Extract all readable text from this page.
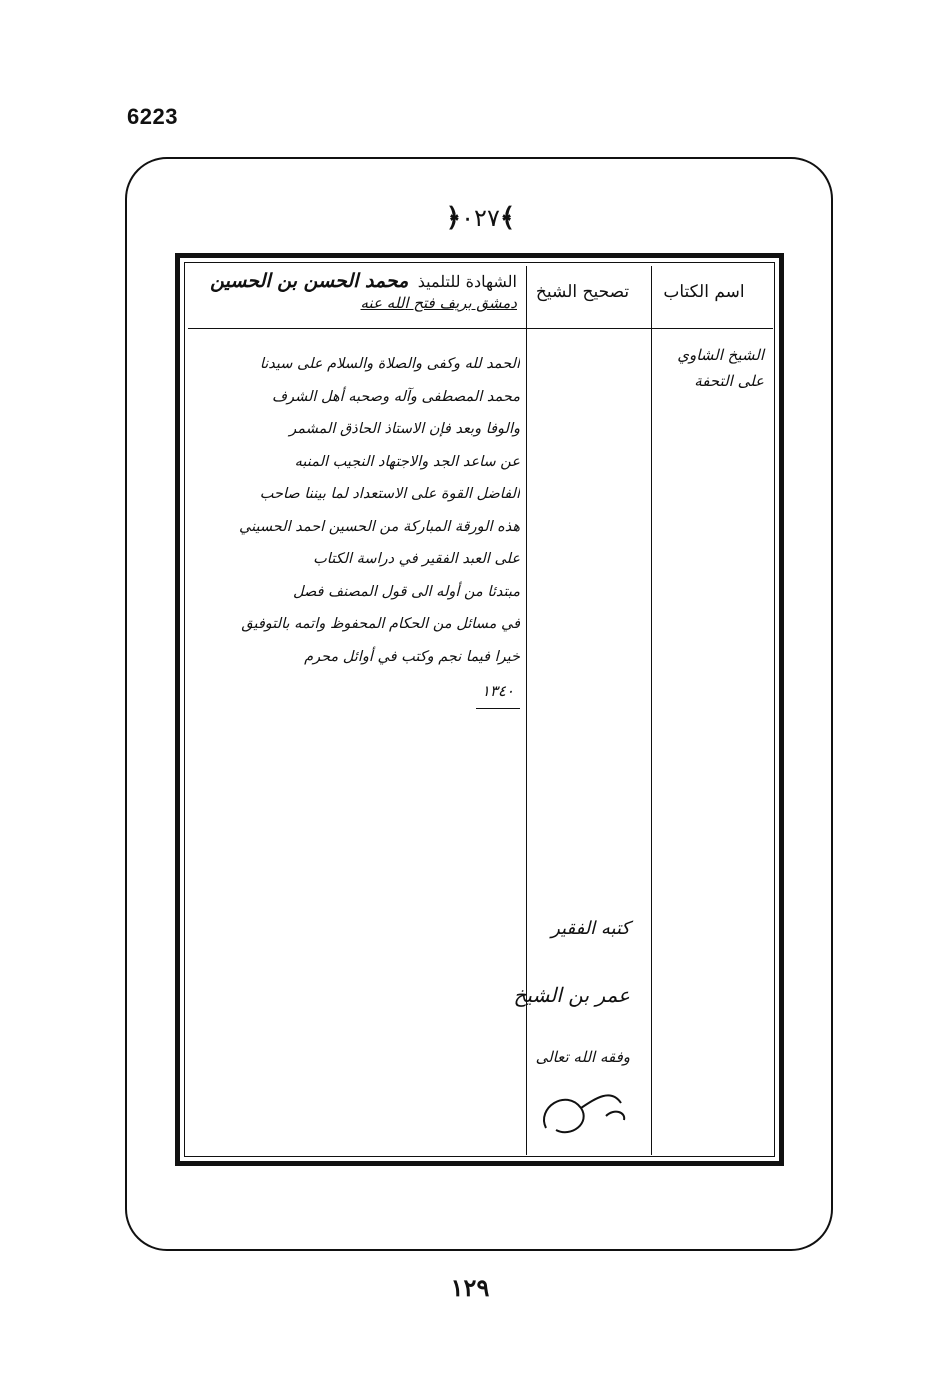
6223
﴾٠٢٧﴿
اسم الكتاب
تصحيح الشيخ
الشهادة للتلميذ محمد الحسن بن الحسين
دمشق بريف فتح الله عنه
الشيخ الشاوي
على التحفة
الحمد لله وكفى والصلاة والسلام على سيدنا
محمد المصطفى وآله وصحبه أهل الشرف
والوفا وبعد فإن الاستاذ الحاذق المشمر
عن ساعد الجد والاجتهاد النجيب المنبه
الفاضل القوة على الاستعداد لما بيننا صاحب
هذه الورقة المباركة من الحسين احمد الحسيني
على العبد الفقير في دراسة الكتاب
مبتدئا من أوله الى قول المصنف فصل
في مسائل من الحكام المحفوظ واتمه بالتوفيق
خيرا فيما نجم وكتب في أوائل محرم
١٣٤٠
كتبه الفقير
عمر بن الشيخ
وفقه الله تعالى
١٢٩
